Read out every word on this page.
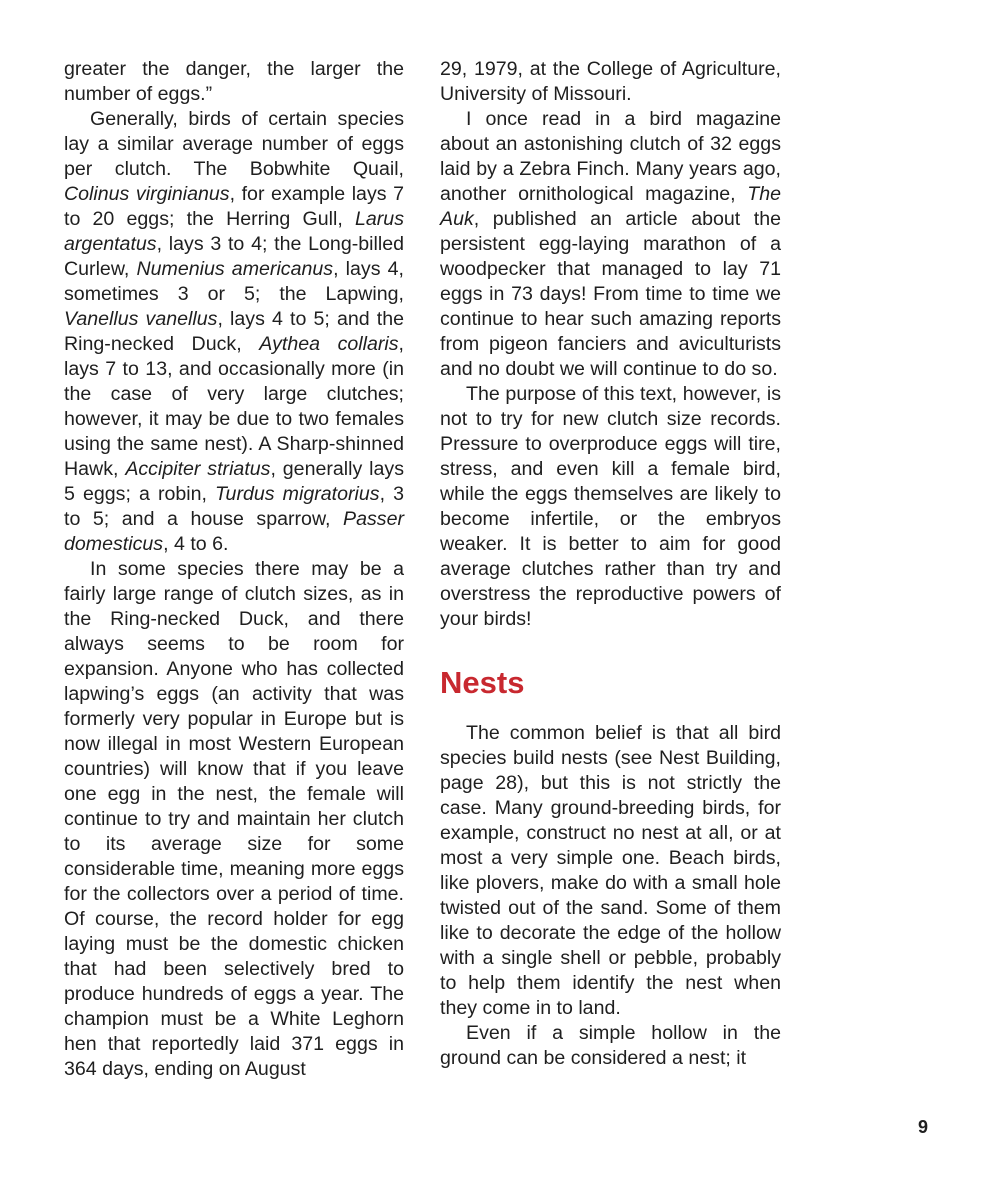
greater the danger, the larger the number of eggs.”

Generally, birds of certain species lay a similar average number of eggs per clutch. The Bobwhite Quail, Colinus virginianus, for example lays 7 to 20 eggs; the Herring Gull, Larus argentatus, lays 3 to 4; the Long-billed Curlew, Numenius americanus, lays 4, sometimes 3 or 5; the Lapwing, Vanellus vanellus, lays 4 to 5; and the Ring-necked Duck, Aythea collaris, lays 7 to 13, and occasionally more (in the case of very large clutches; however, it may be due to two females using the same nest). A Sharp-shinned Hawk, Accipiter striatus, generally lays 5 eggs; a robin, Turdus migratorius, 3 to 5; and a house sparrow, Passer domesticus, 4 to 6.

In some species there may be a fairly large range of clutch sizes, as in the Ring-necked Duck, and there always seems to be room for expansion. Anyone who has collected lapwing’s eggs (an activity that was formerly very popular in Europe but is now illegal in most Western European countries) will know that if you leave one egg in the nest, the female will continue to try and maintain her clutch to its average size for some considerable time, meaning more eggs for the collectors over a period of time. Of course, the record holder for egg laying must be the domestic chicken that had been selectively bred to produce hundreds of eggs a year. The champion must be a White Leghorn hen that reportedly laid 371 eggs in 364 days, ending on August

29, 1979, at the College of Agriculture, University of Missouri.

I once read in a bird magazine about an astonishing clutch of 32 eggs laid by a Zebra Finch. Many years ago, another ornithological magazine, The Auk, published an article about the persistent egg-laying marathon of a woodpecker that managed to lay 71 eggs in 73 days! From time to time we continue to hear such amazing reports from pigeon fanciers and aviculturists and no doubt we will continue to do so.

The purpose of this text, however, is not to try for new clutch size records. Pressure to overproduce eggs will tire, stress, and even kill a female bird, while the eggs themselves are likely to become infertile, or the embryos weaker. It is better to aim for good average clutches rather than try and overstress the reproductive powers of your birds!

Nests

The common belief is that all bird species build nests (see Nest Building, page 28), but this is not strictly the case. Many ground-breeding birds, for example, construct no nest at all, or at most a very simple one. Beach birds, like plovers, make do with a small hole twisted out of the sand. Some of them like to decorate the edge of the hollow with a single shell or pebble, probably to help them identify the nest when they come in to land.

Even if a simple hollow in the ground can be considered a nest; it

9
